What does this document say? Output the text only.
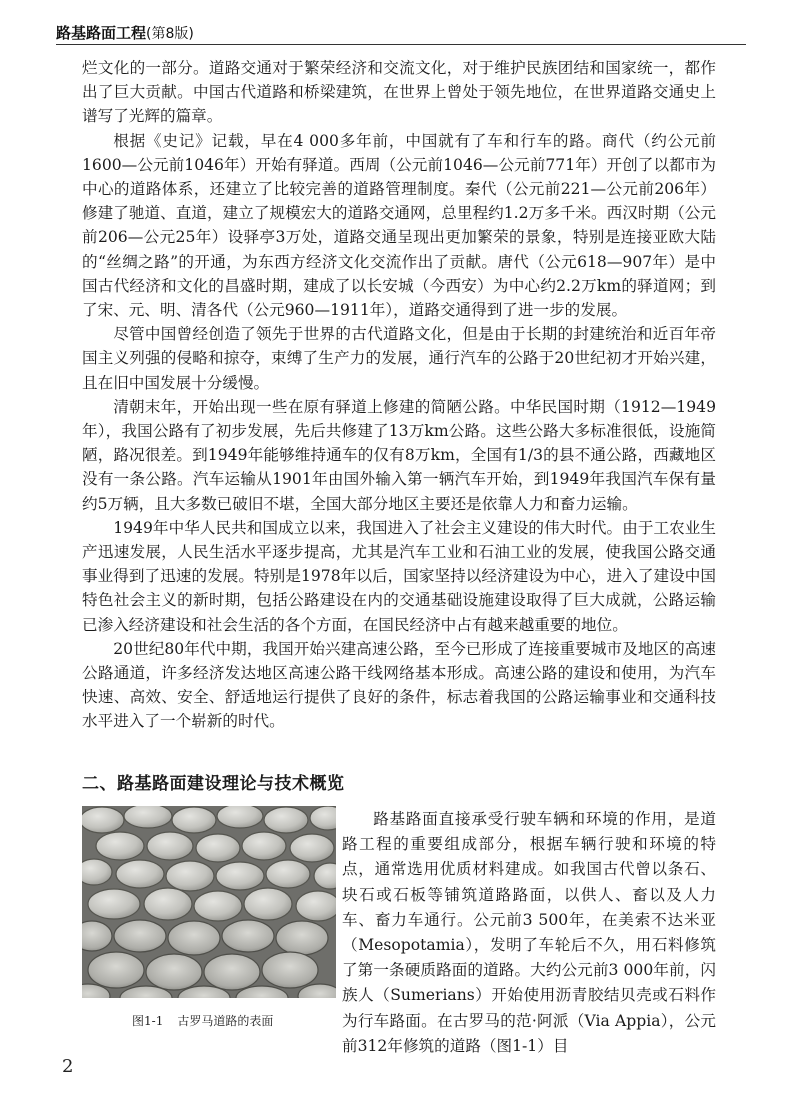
路基路面工程(第8版)

烂文化的一部分。道路交通对于繁荣经济和交流文化，对于维护民族团结和国家统一，都作出了巨大贡献。中国古代道路和桥梁建筑，在世界上曾处于领先地位，在世界道路交通史上谱写了光辉的篇章。

根据《史记》记载，早在4 000多年前，中国就有了车和行车的路。商代（约公元前1600—公元前1046年）开始有驿道。西周（公元前1046—公元前771年）开创了以都市为中心的道路体系，还建立了比较完善的道路管理制度。秦代（公元前221—公元前206年）修建了驰道、直道，建立了规模宏大的道路交通网，总里程约1.2万多千米。西汉时期（公元前206—公元25年）设驿亭3万处，道路交通呈现出更加繁荣的景象，特别是连接亚欧大陆的“丝绸之路”的开通，为东西方经济文化交流作出了贡献。唐代（公元618—907年）是中国古代经济和文化的昌盛时期，建成了以长安城（今西安）为中心约2.2万km的驿道网；到了宋、元、明、清各代（公元960—1911年），道路交通得到了进一步的发展。

尽管中国曾经创造了领先于世界的古代道路文化，但是由于长期的封建统治和近百年帝国主义列强的侵略和掠夺，束缚了生产力的发展，通行汽车的公路于20世纪初才开始兴建，且在旧中国发展十分缓慢。

清朝末年，开始出现一些在原有驿道上修建的简陋公路。中华民国时期（1912—1949年），我国公路有了初步发展，先后共修建了13万km公路。这些公路大多标准很低，设施简陋，路况很差。到1949年能够维持通车的仅有8万km，全国有1/3的县不通公路，西藏地区没有一条公路。汽车运输从1901年由国外输入第一辆汽车开始，到1949年我国汽车保有量约5万辆，且大多数已破旧不堪，全国大部分地区主要还是依靠人力和畜力运输。

1949年中华人民共和国成立以来，我国进入了社会主义建设的伟大时代。由于工农业生产迅速发展，人民生活水平逐步提高，尤其是汽车工业和石油工业的发展，使我国公路交通事业得到了迅速的发展。特别是1978年以后，国家坚持以经济建设为中心，进入了建设中国特色社会主义的新时期，包括公路建设在内的交通基础设施建设取得了巨大成就，公路运输已渗入经济建设和社会生活的各个方面，在国民经济中占有越来越重要的地位。

20世纪80年代中期，我国开始兴建高速公路，至今已形成了连接重要城市及地区的高速公路通道，许多经济发达地区高速公路干线网络基本形成。高速公路的建设和使用，为汽车快速、高效、安全、舒适地运行提供了良好的条件，标志着我国的公路运输事业和交通科技水平进入了一个崭新的时代。

二、路基路面建设理论与技术概览
图1-1 古罗马道路的表面

路基路面直接承受行驶车辆和环境的作用，是道路工程的重要组成部分，根据车辆行驶和环境的特点，通常选用优质材料建成。如我国古代曾以条石、块石或石板等铺筑道路路面，以供人、畜以及人力车、畜力车通行。公元前3 500年，在美索不达米亚（Mesopotamia），发明了车轮后不久，用石料修筑了第一条硬质路面的道路。大约公元前3 000年前，闪族人（Sumerians）开始使用沥青胶结贝壳或石料作为行车路面。在古罗马的范·阿派（Via Appia），公元前312年修筑的道路（图1-1）目

2
